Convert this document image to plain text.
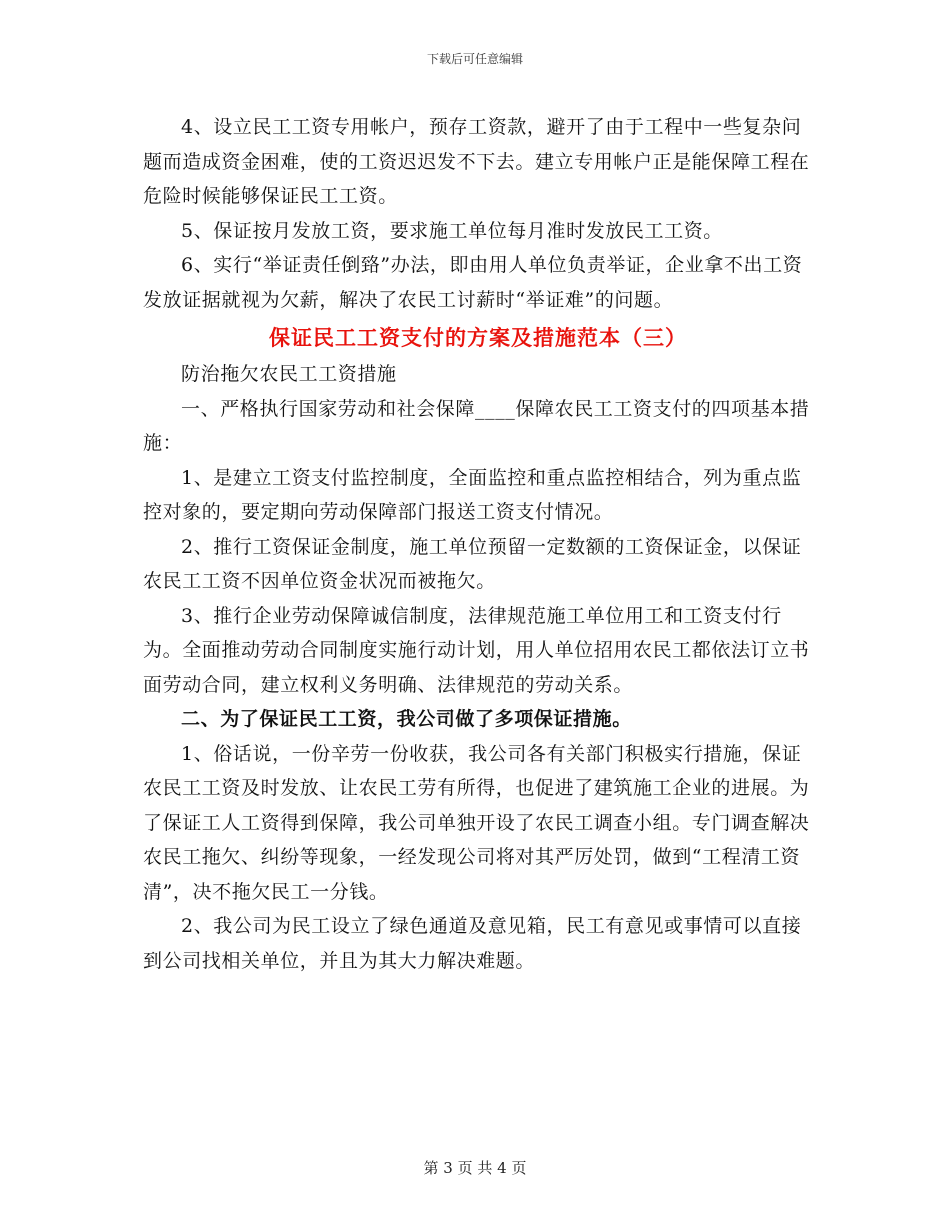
下载后可任意编辑

4、设立民工工资专用帐户，预存工资款，避开了由于工程中一些复杂问题而造成资金困难，使的工资迟迟发不下去。建立专用帐户正是能保障工程在危险时候能够保证民工工资。

5、保证按月发放工资，要求施工单位每月准时发放民工工资。

6、实行“举证责任倒臵”办法，即由用人单位负责举证，企业拿不出工资发放证据就视为欠薪，解决了农民工讨薪时“举证难”的问题。

保证民工工资支付的方案及措施范本（三）

防治拖欠农民工工资措施

一、严格执行国家劳动和社会保障____保障农民工工资支付的四项基本措施：

1、是建立工资支付监控制度，全面监控和重点监控相结合，列为重点监控对象的，要定期向劳动保障部门报送工资支付情况。

2、推行工资保证金制度，施工单位预留一定数额的工资保证金，以保证农民工工资不因单位资金状况而被拖欠。

3、推行企业劳动保障诚信制度，法律规范施工单位用工和工资支付行为。全面推动劳动合同制度实施行动计划，用人单位招用农民工都依法订立书面劳动合同，建立权利义务明确、法律规范的劳动关系。

二、为了保证民工工资，我公司做了多项保证措施。

1、俗话说，一份辛劳一份收获，我公司各有关部门积极实行措施，保证农民工工资及时发放、让农民工劳有所得，也促进了建筑施工企业的进展。为了保证工人工资得到保障，我公司单独开设了农民工调查小组。专门调查解决农民工拖欠、纠纷等现象，一经发现公司将对其严厉处罚，做到“工程清工资清”，决不拖欠民工一分钱。

2、我公司为民工设立了绿色通道及意见箱，民工有意见或事情可以直接到公司找相关单位，并且为其大力解决难题。

第 3 页 共 4 页
